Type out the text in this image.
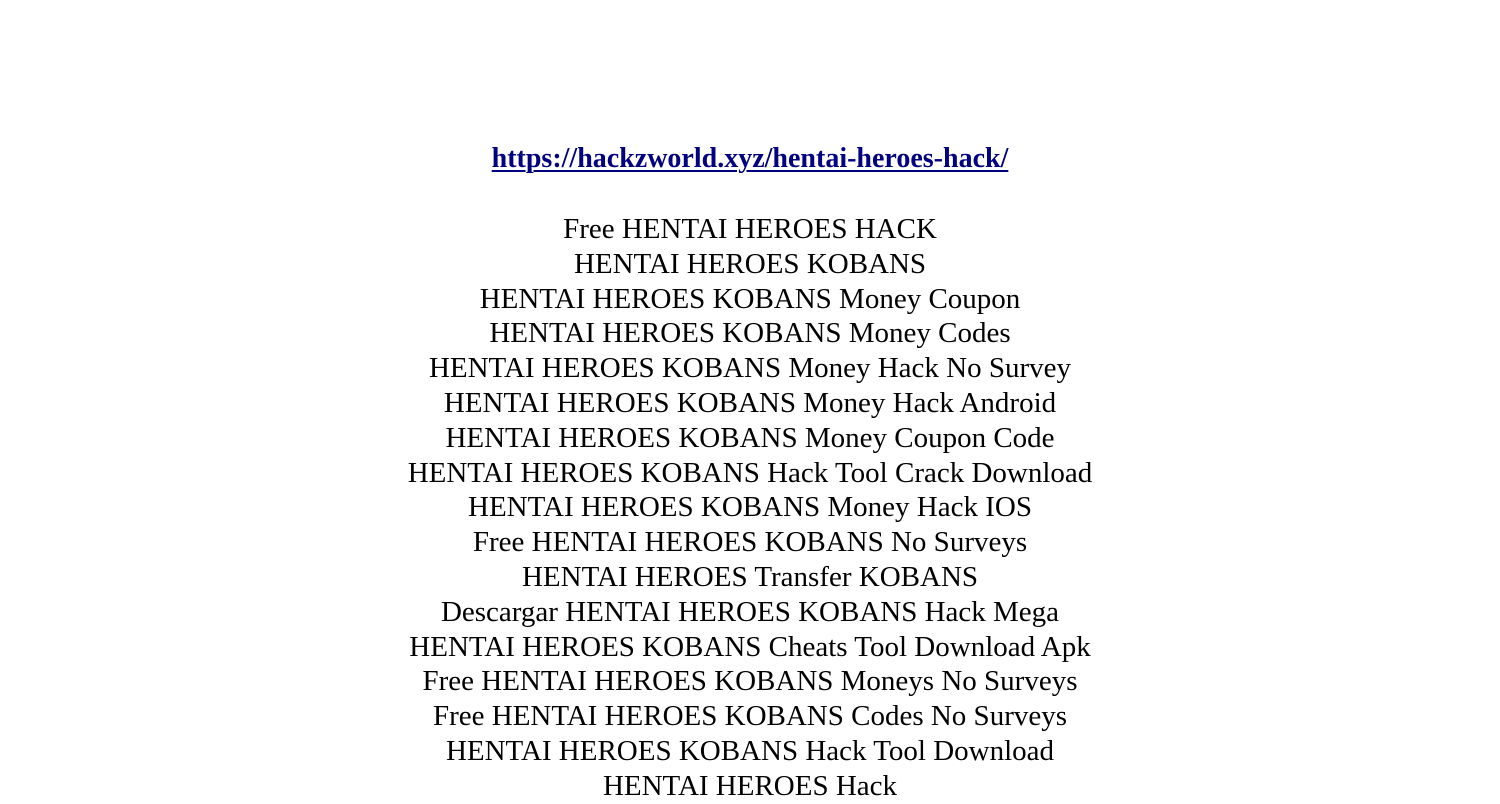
https://hackzworld.xyz/hentai-heroes-hack/
Free HENTAI HEROES HACK
HENTAI HEROES KOBANS
HENTAI HEROES KOBANS Money Coupon
HENTAI HEROES KOBANS Money Codes
HENTAI HEROES KOBANS Money Hack No Survey
HENTAI HEROES KOBANS Money Hack Android
HENTAI HEROES KOBANS Money Coupon Code
HENTAI HEROES KOBANS Hack Tool Crack Download
HENTAI HEROES KOBANS Money Hack IOS
Free HENTAI HEROES KOBANS No Surveys
HENTAI HEROES Transfer KOBANS
Descargar HENTAI HEROES KOBANS Hack Mega
HENTAI HEROES KOBANS Cheats Tool Download Apk
Free HENTAI HEROES KOBANS Moneys No Surveys
Free HENTAI HEROES KOBANS Codes No Surveys
HENTAI HEROES KOBANS Hack Tool Download
HENTAI HEROES Hack
